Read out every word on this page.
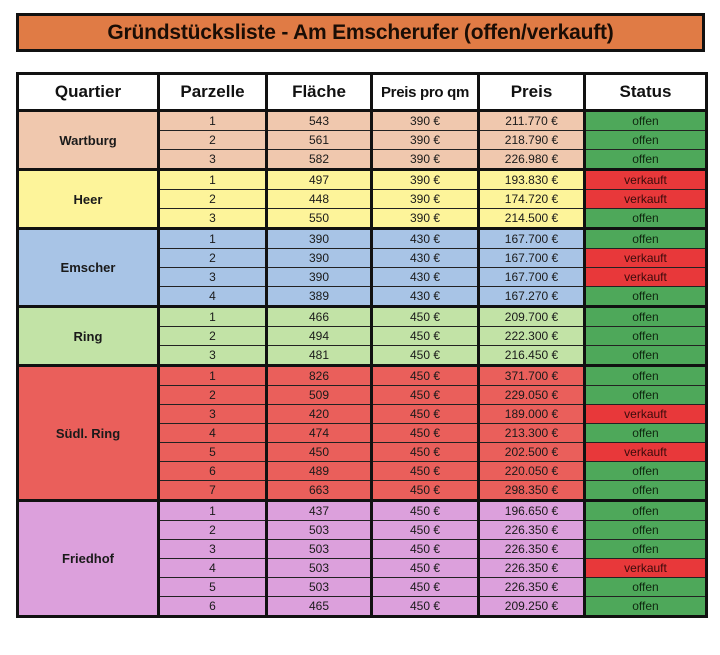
Gründstücksliste - Am Emscherufer (offen/verkauft)
Quartier	Parzelle	Fläche	Preis pro qm	Preis	Status
Wartburg	1	543	390 €	211.770 €	offen
	2	561	390 €	218.790 €	offen
	3	582	390 €	226.980 €	offen
Heer	1	497	390 €	193.830 €	verkauft
	2	448	390 €	174.720 €	verkauft
	3	550	390 €	214.500 €	offen
Emscher	1	390	430 €	167.700 €	offen
	2	390	430 €	167.700 €	verkauft
	3	390	430 €	167.700 €	verkauft
	4	389	430 €	167.270 €	offen
Ring	1	466	450 €	209.700 €	offen
	2	494	450 €	222.300 €	offen
	3	481	450 €	216.450 €	offen
Südl. Ring	1	826	450 €	371.700 €	offen
	2	509	450 €	229.050 €	offen
	3	420	450 €	189.000 €	verkauft
	4	474	450 €	213.300 €	offen
	5	450	450 €	202.500 €	verkauft
	6	489	450 €	220.050 €	offen
	7	663	450 €	298.350 €	offen
Friedhof	1	437	450 €	196.650 €	offen
	2	503	450 €	226.350 €	offen
	3	503	450 €	226.350 €	offen
	4	503	450 €	226.350 €	verkauft
	5	503	450 €	226.350 €	offen
	6	465	450 €	209.250 €	offen
